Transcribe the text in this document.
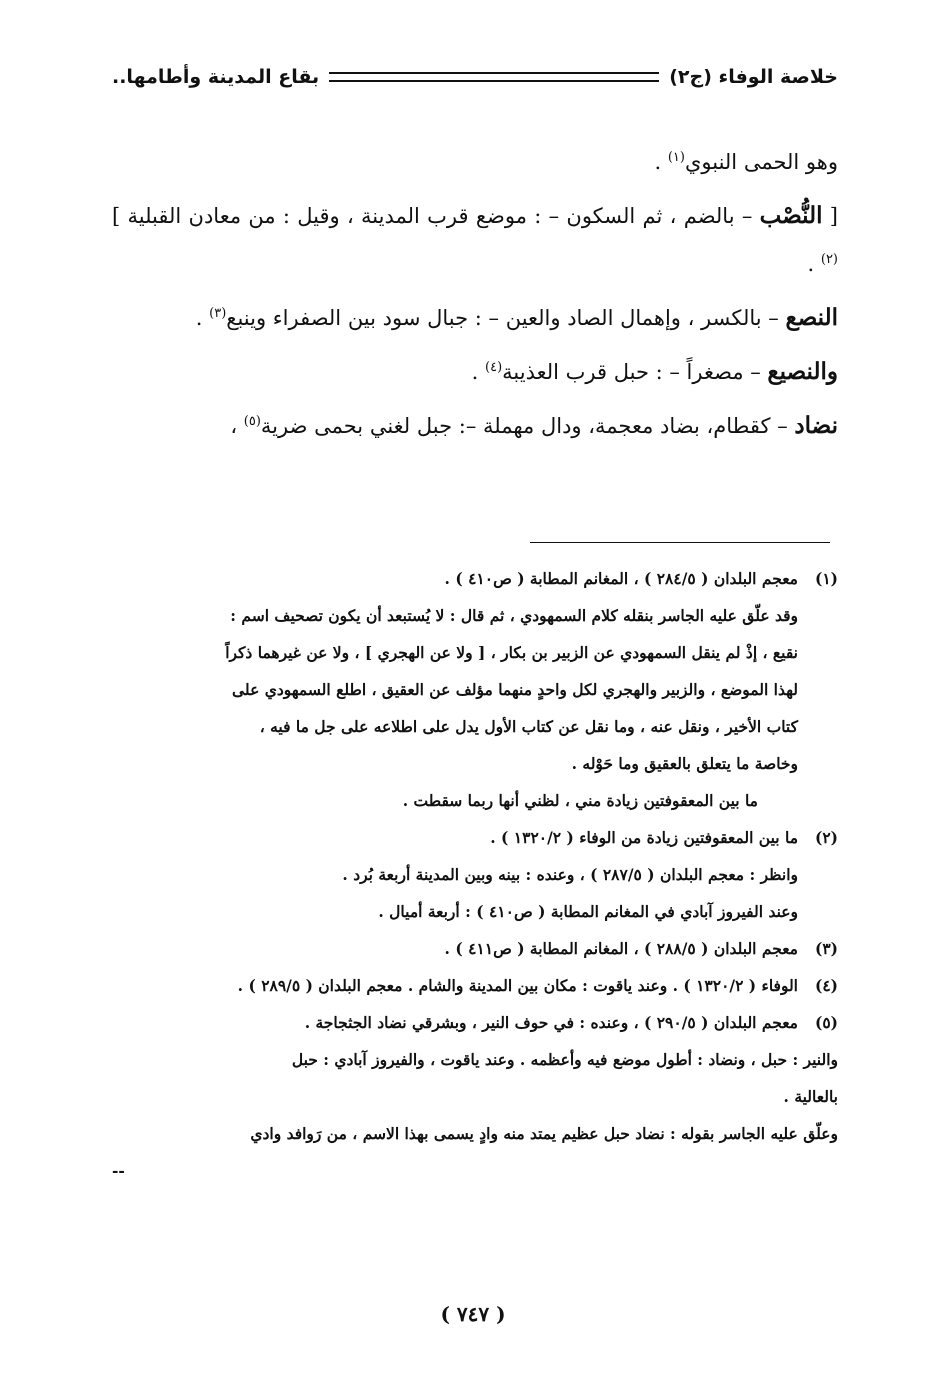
خلاصة الوفاء (ج٢)
بقاع المدينة وأطامها..

وهو الحمى النبوي$^{(١)}$ .

[ النُّصْب – بالضم ، ثم السكون – : موضع قرب المدينة ، وقيل : من معادن القبلية ]$^{(٢)}$ .

النصع – بالكسر ، وإهمال الصاد والعين – : جبال سود بين الصفراء وينبع$^{(٣)}$ .

والنصيع – مصغراً – : حبل قرب العذيبة$^{(٤)}$ .

نضاد – كقطام، بضاد معجمة، ودال مهملة –: جبل لغني بحمى ضرية$^{(٥)}$ ،

(١)
معجم البلدان ( ٢٨٤/٥ ) ، المغانم المطابة ( ص٤١٠ ) .
وقد علّق عليه الجاسر بنقله كلام السمهودي ، ثم قال : لا يُستبعد أن يكون تصحيف اسم :
نقيع ، إذْ لم ينقل السمهودي عن الزبير بن بكار ، [ ولا عن الهجري ] ، ولا عن غيرهما ذكراً
لهذا الموضع ، والزبير والهجري لكل واحدٍ منهما مؤلف عن العقيق ، اطلع السمهودي على
كتاب الأخير ، ونقل عنه ، وما نقل عن كتاب الأول يدل على اطلاعه على جل ما فيه ،
وخاصة ما يتعلق بالعقيق وما حَوْله .
ما بين المعقوفتين زيادة مني ، لظني أنها ربما سقطت .
(٢)
ما بين المعقوفتين زيادة من الوفاء ( ١٣٢٠/٢ ) .
وانظر : معجم البلدان ( ٢٨٧/٥ ) ، وعنده : بينه وبين المدينة أربعة بُرد .
وعند الفيروز آبادي في المغانم المطابة ( ص٤١٠ ) : أربعة أميال .
(٣)
معجم البلدان ( ٢٨٨/٥ ) ، المغانم المطابة ( ص٤١١ ) .
(٤)
الوفاء ( ١٣٢٠/٢ ) . وعند ياقوت : مكان بين المدينة والشام . معجم البلدان ( ٢٨٩/٥ ) .
(٥)
معجم البلدان ( ٢٩٠/٥ ) ، وعنده : في حوف النير ، وبشرقي نضاد الجثجاجة .
والنير : حبل ، ونضاد : أطول موضع فيه وأعظمه . وعند ياقوت ، والفيروز آبادي : حبل
بالعالية .
وعلّق عليه الجاسر بقوله : نضاد حبل عظيم يمتد منه وادٍ يسمى بهذا الاسم ، من رَوافد وادي
--
( ٧٤٧ )
